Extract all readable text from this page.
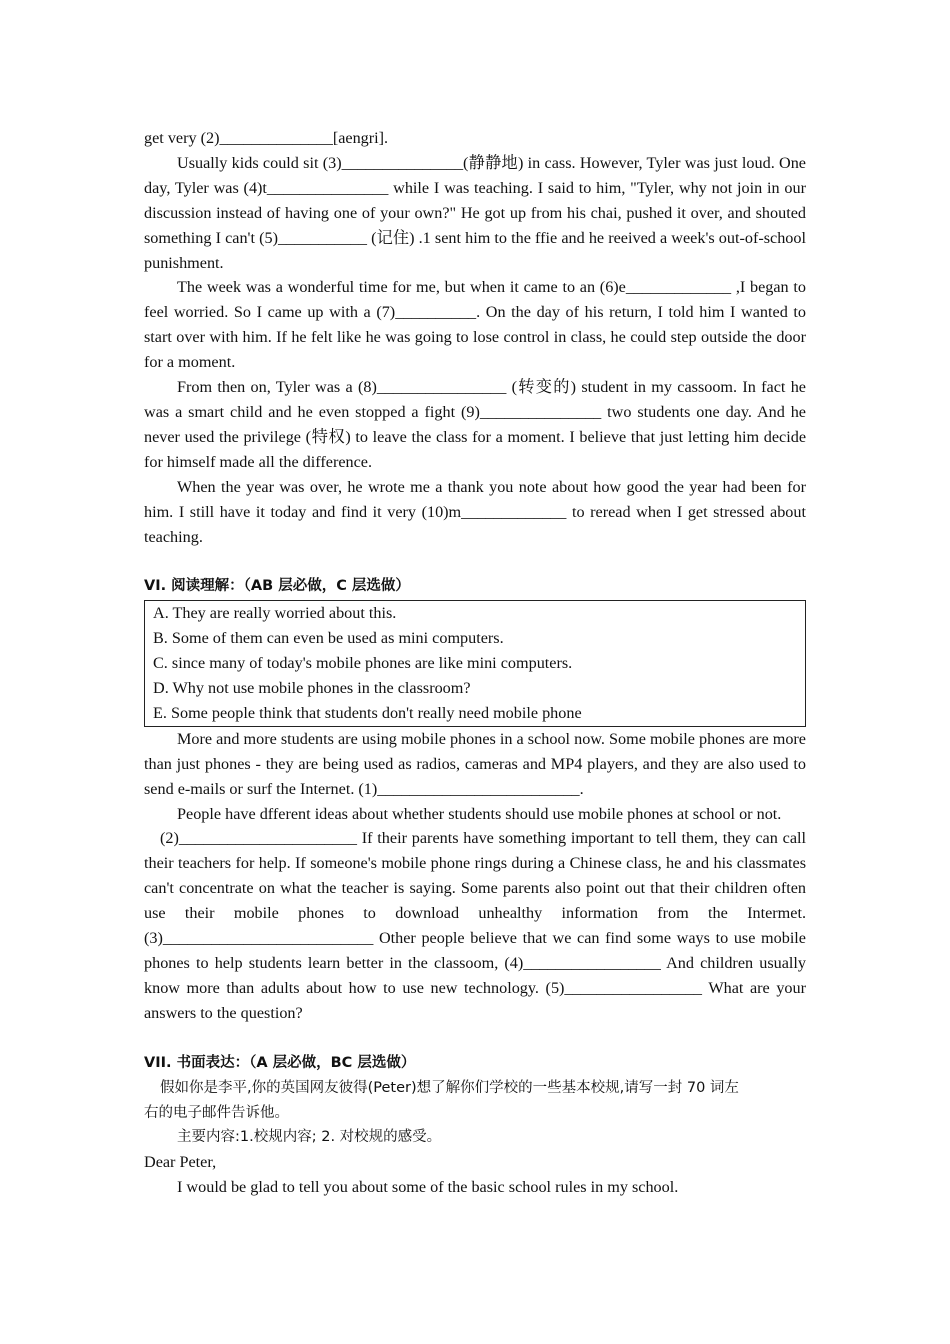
get very (2)______________[aengri].

Usually kids could sit (3)_______________(静静地) in cass. However, Tyler was just loud. One day, Tyler was (4)t_______________ while I was teaching. I said to him, "Tyler, why not join in our discussion instead of having one of your own?" He got up from his chai, pushed it over, and shouted something I can't (5)___________ (记住) .1 sent him to the ffie and he reeived a week's out-of-school punishment.

The week was a wonderful time for me, but when it came to an (6)e_____________ ,I began to feel worried. So I came up with a (7)__________. On the day of his return, I told him I wanted to start over with him. If he felt like he was going to lose control in class, he could step outside the door for a moment.

From then on, Tyler was a (8)________________ (转变的) student in my cassoom. In fact he was a smart child and he even stopped a fight (9)_______________ two students one day. And he never used the privilege (特权) to leave the class for a moment. I believe that just letting him decide for himself made all the difference.

When the year was over, he wrote me a thank you note about how good the year had been for him. I still have it today and find it very (10)m_____________ to reread when I get stressed about teaching.

VI. 阅读理解：（AB 层必做，C 层选做）

A. They are really worried about this.

B. Some of them can even be used as mini computers.

C. since many of today's mobile phones are like mini computers.

D. Why not use mobile phones in the classroom?

E. Some people think that students don't really need mobile phone

More and more students are using mobile phones in a school now. Some mobile phones are more than just phones - they are being used as radios, cameras and MP4 players, and they are also used to send e-mails or surf the Internet. (1)_________________________.

People have dfferent ideas about whether students should use mobile phones at school or not.

(2)______________________ If their parents have something important to tell them, they can call their teachers for help. If someone's mobile phone rings during a Chinese class, he and his classmates can't concentrate on what the teacher is saying. Some parents also point out that their children often use their mobile phones to download unhealthy information from the Intermet. (3)__________________________ Other people believe that we can find some ways to use mobile phones to help students learn better in the classoom, (4)_________________ And children usually know more than adults about how to use new technology. (5)_________________ What are your answers to the question?

VII. 书面表达：（A 层必做，BC 层选做）

假如你是李平,你的英国网友彼得(Peter)想了解你们学校的一些基本校规,请写一封 70 词左右的电子邮件告诉他。

主要内容:1.校规内容; 2. 对校规的感受。

Dear Peter,

I would be glad to tell you about some of the basic school rules in my school.
